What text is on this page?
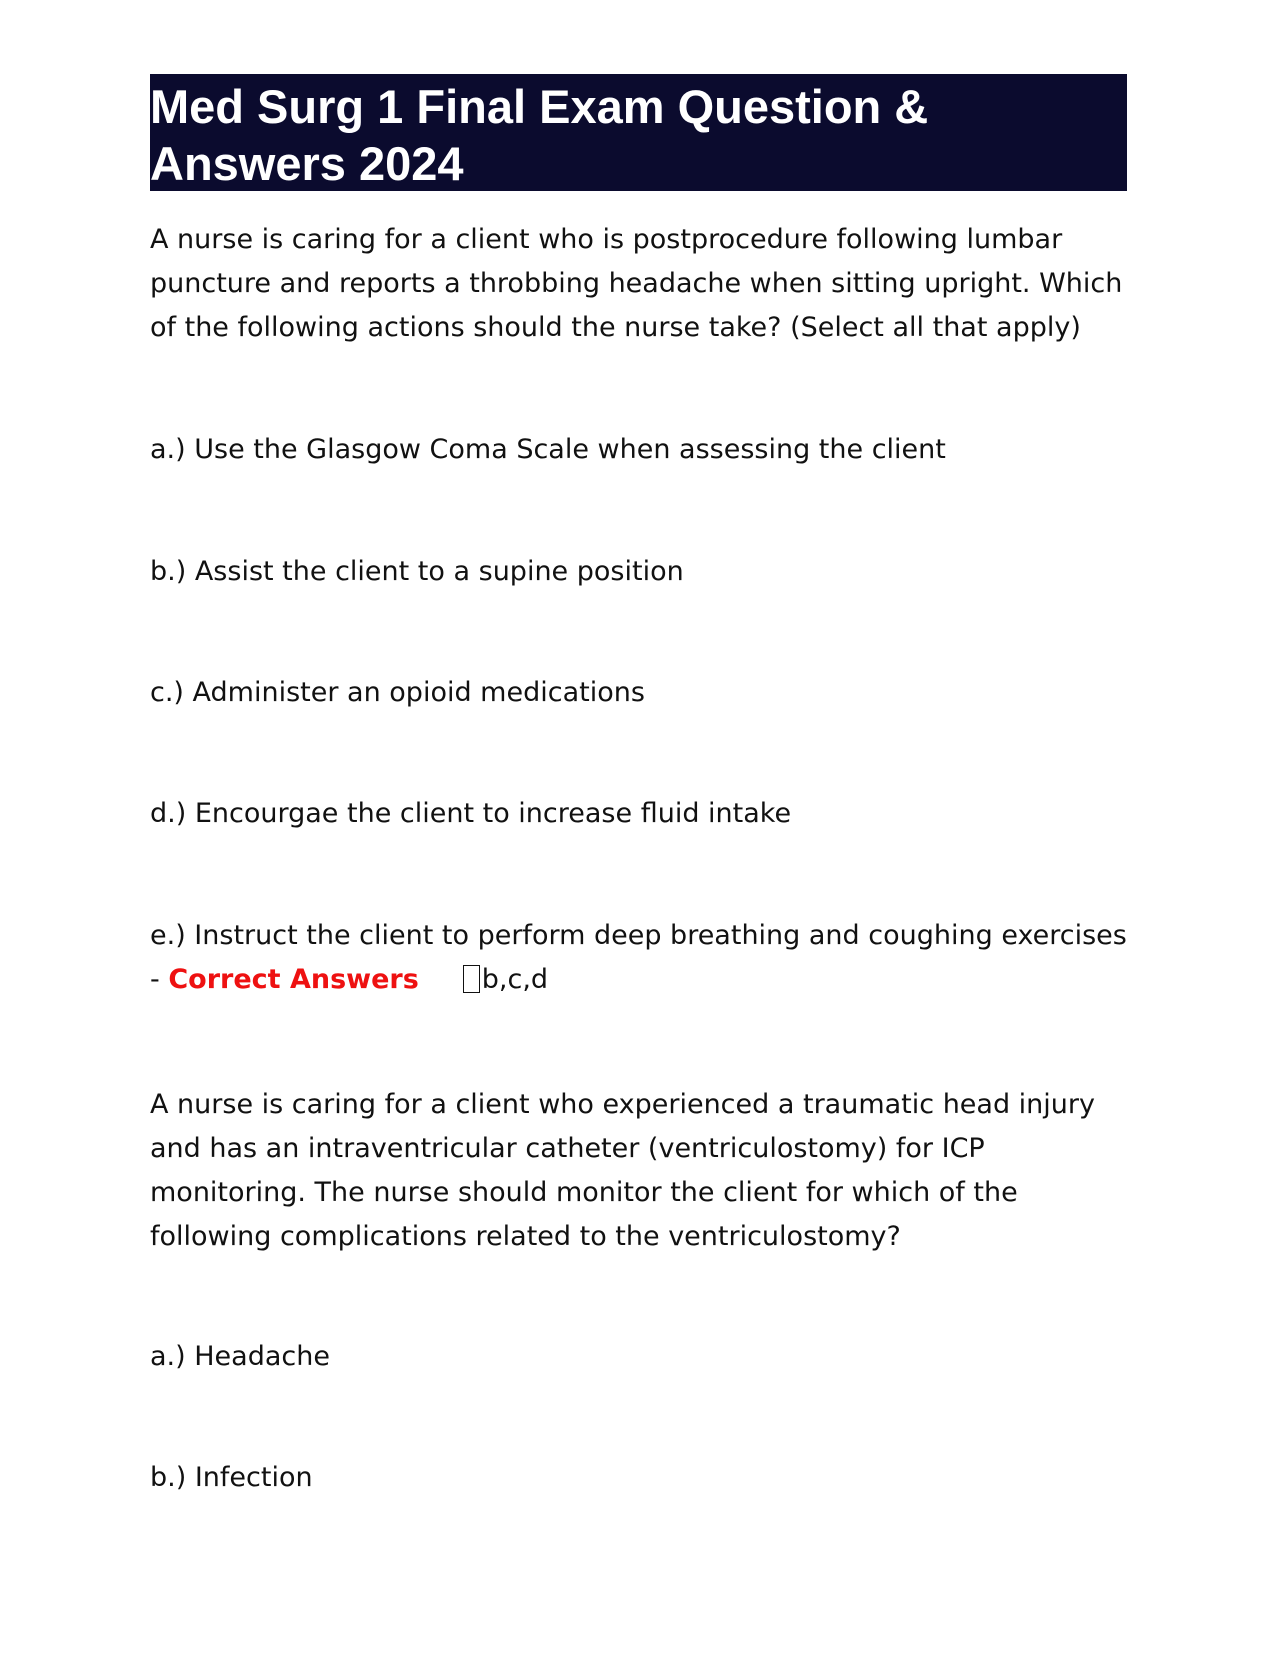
Med Surg 1 Final Exam Question &
Answers 2024

A nurse is caring for a client who is postprocedure following lumbar puncture and reports a throbbing headache when sitting upright. Which of the following actions should the nurse take? (Select all that apply)

a.) Use the Glasgow Coma Scale when assessing the client

b.) Assist the client to a supine position

c.) Administer an opioid medications

d.) Encourgae the client to increase fluid intake

e.) Instruct the client to perform deep breathing and coughing exercises

- Correct Answers b,c,d

A nurse is caring for a client who experienced a traumatic head injury and has an intraventricular catheter (ventriculostomy) for ICP monitoring. The nurse should monitor the client for which of the following complications related to the ventriculostomy?

a.) Headache

b.) Infection
